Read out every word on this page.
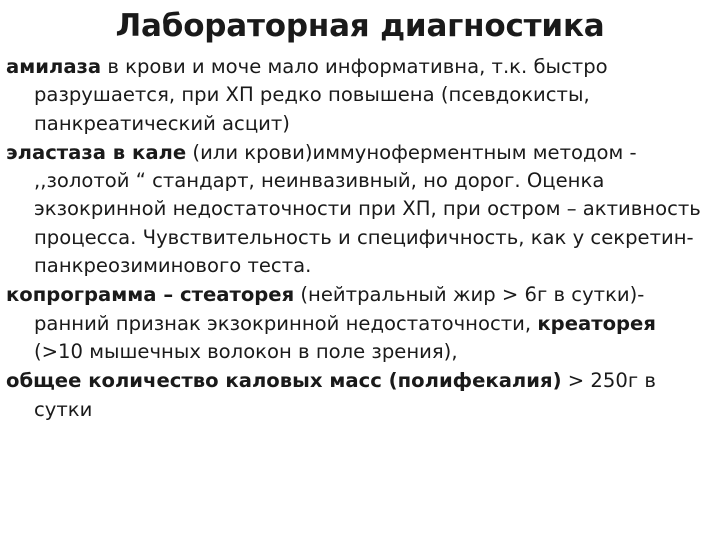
Лабораторная диагностика

амилаза в крови и моче мало информативна, т.к. быстро разрушается, при ХП редко повышена (псевдокисты, панкреатический асцит)

эластаза в кале (или крови)иммуноферментным методом - ,,золотой “ стандарт, неинвазивный, но дорог. Оценка экзокринной недостаточности при ХП, при остром – активность процесса. Чувствительность и специфичность, как у секретин-панкреозиминового теста.

копрограмма – стеаторея (нейтральный жир > 6г в сутки)- ранний признак экзокринной недостаточности, креаторея (>10 мышечных волокон в поле зрения),

общее количество каловых масс (полифекалия) > 250г в сутки
